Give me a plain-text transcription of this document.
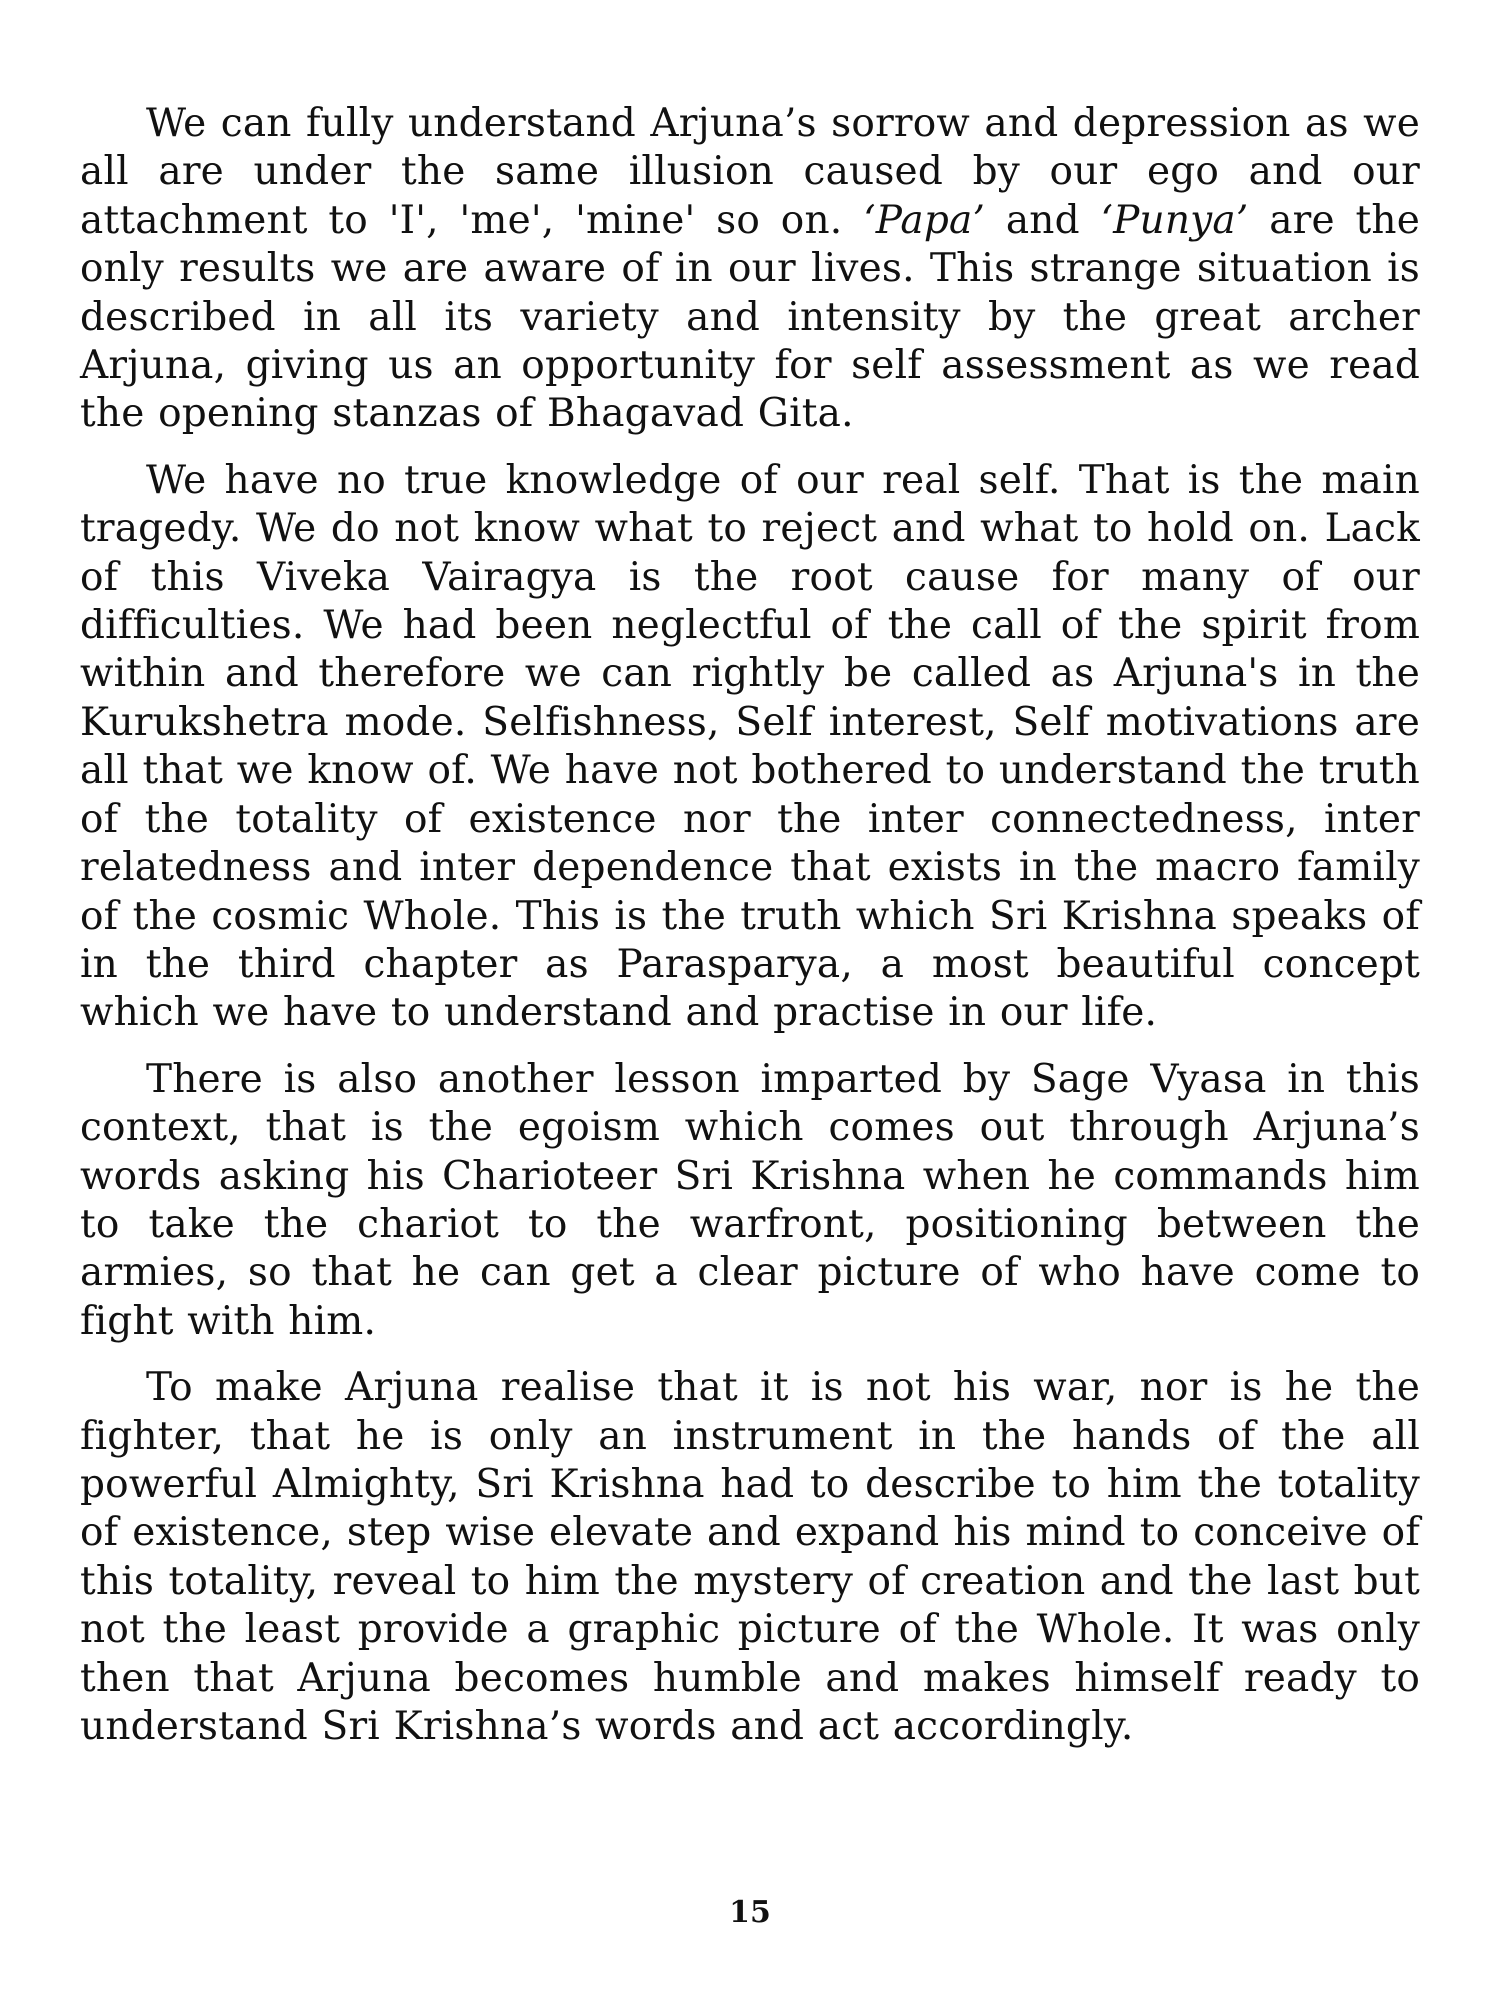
We can fully understand Arjuna’s sorrow and depression as we all are under the same illusion caused by our ego and our attachment to 'I', 'me', 'mine' so on. ‘Papa’ and ‘Punya’ are the only results we are aware of in our lives. This strange situation is described in all its variety and intensity by the great archer Arjuna, giving us an opportunity for self assessment as we read the opening stanzas of Bhagavad Gita.

We have no true knowledge of our real self. That is the main tragedy. We do not know what to reject and what to hold on. Lack of this Viveka Vairagya is the root cause for many of our difficulties. We had been neglectful of the call of the spirit from within and therefore we can rightly be called as Arjuna's in the Kurukshetra mode. Selfishness, Self interest, Self motivations are all that we know of. We have not bothered to understand the truth of the totality of existence nor the inter connectedness, inter relatedness and inter dependence that exists in the macro family of the cosmic Whole. This is the truth which Sri Krishna speaks of in the third chapter as Parasparya, a most beautiful concept which we have to understand and practise in our life.

There is also another lesson imparted by Sage Vyasa in this context, that is the egoism which comes out through Arjuna’s words asking his Charioteer Sri Krishna when he commands him to take the chariot to the warfront, positioning between the armies, so that he can get a clear picture of who have come to fight with him.

To make Arjuna realise that it is not his war, nor is he the fighter, that he is only an instrument in the hands of the all powerful Almighty, Sri Krishna had to describe to him the totality of existence, step wise elevate and expand his mind to conceive of this totality, reveal to him the mystery of creation and the last but not the least provide a graphic picture of the Whole. It was only then that Arjuna becomes humble and makes himself ready to understand Sri Krishna’s words and act accordingly.

15
